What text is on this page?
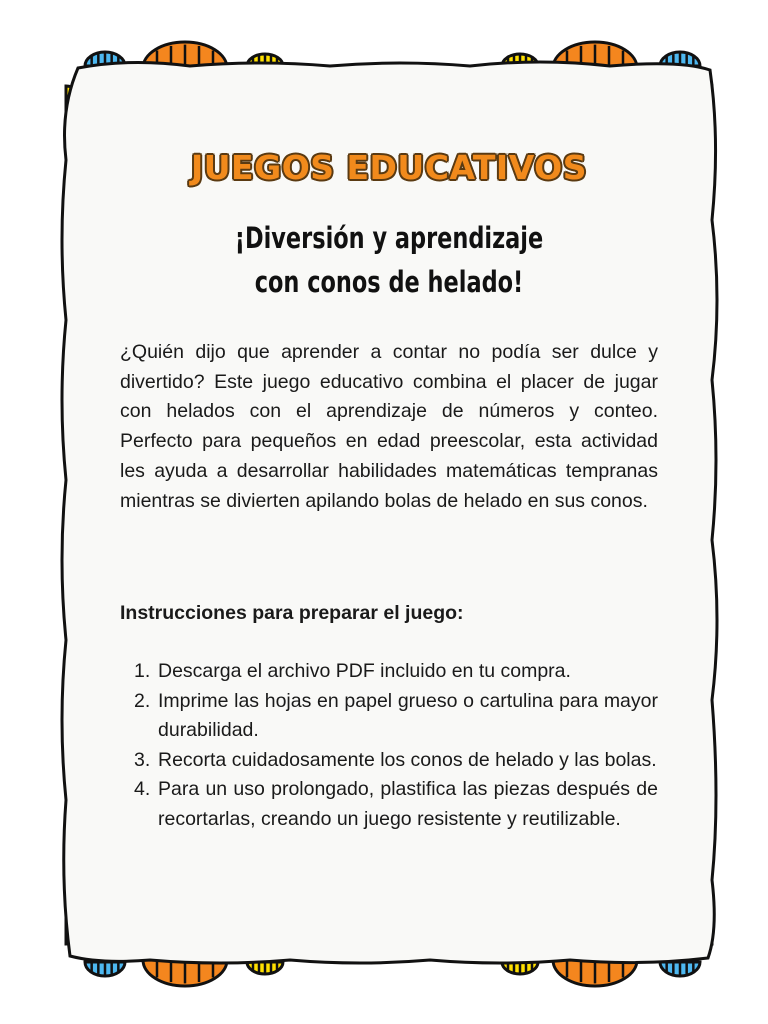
JUEGOS EDUCATIVOS
¡Diversión y aprendizaje
con conos de helado!
¿Quién dijo que aprender a contar no podía ser dulce y divertido? Este juego educativo combina el placer de jugar con helados con el aprendizaje de números y conteo. Perfecto para pequeños en edad preescolar, esta actividad les ayuda a desarrollar habilidades matemáticas tempranas mientras se divierten apilando bolas de helado en sus conos.
Instrucciones para preparar el juego:
1. Descarga el archivo PDF incluido en tu compra.
2. Imprime las hojas en papel grueso o cartulina para mayor durabilidad.
3. Recorta cuidadosamente los conos de helado y las bolas.
4. Para un uso prolongado, plastifica las piezas después de recortarlas, creando un juego resistente y reutilizable.
